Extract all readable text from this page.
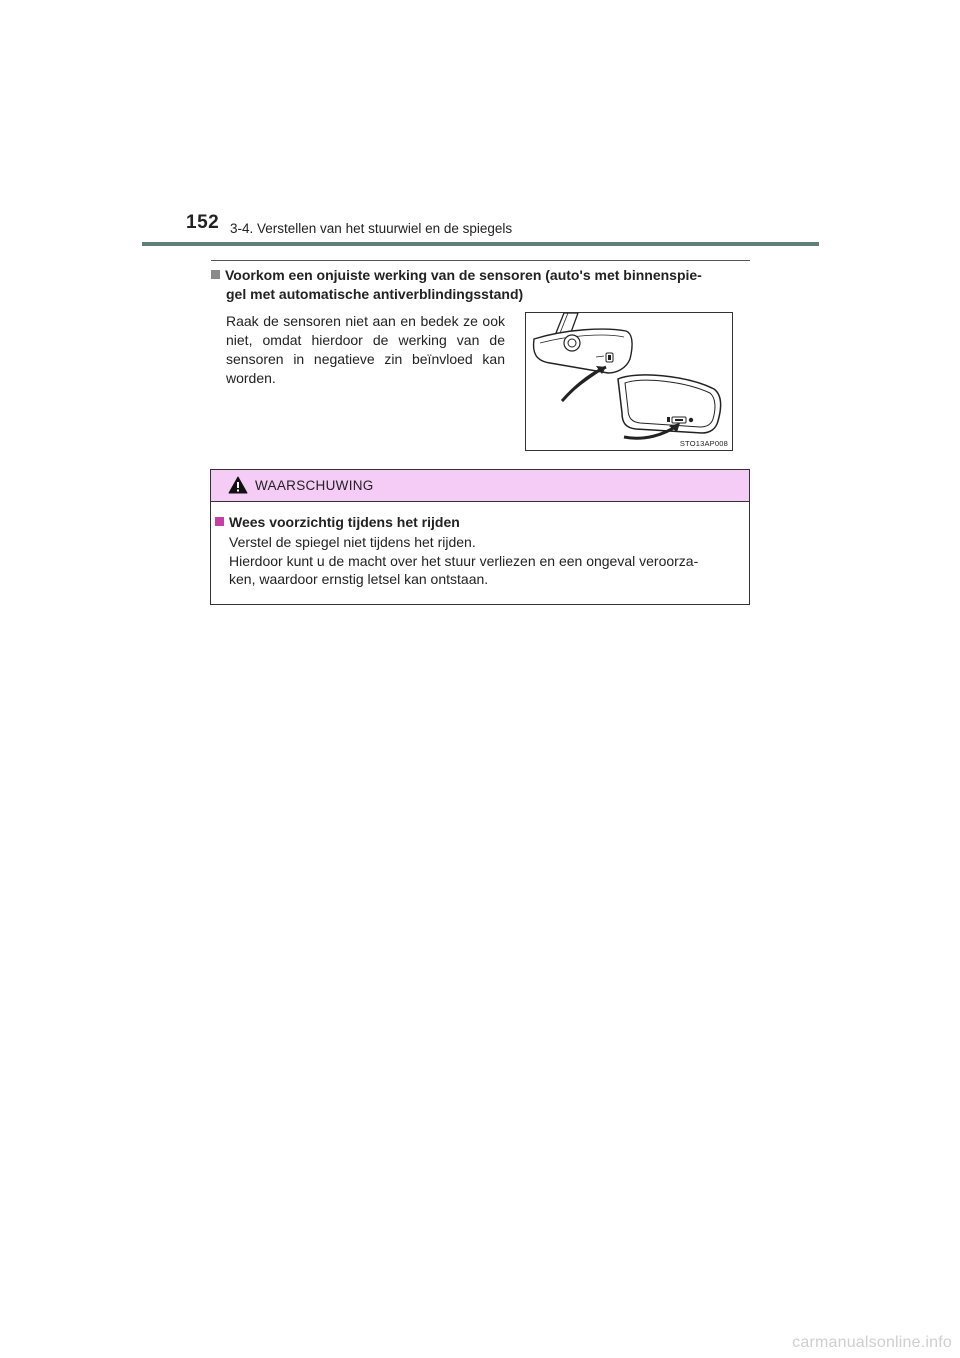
152 3-4. Verstellen van het stuurwiel en de spiegels
Voorkom een onjuiste werking van de sensoren (auto's met binnenspie-
gel met automatische antiverblindingsstand)
Raak de sensoren niet aan en bedek ze ook niet, omdat hierdoor de werking van de sensoren in negatieve zin beïnvloed kan worden.
STO13AP008
WAARSCHUWING
Wees voorzichtig tijdens het rijden
Verstel de spiegel niet tijdens het rijden.
Hierdoor kunt u de macht over het stuur verliezen en een ongeval veroorza-
ken, waardoor ernstig letsel kan ontstaan.
carmanualsonline.info
